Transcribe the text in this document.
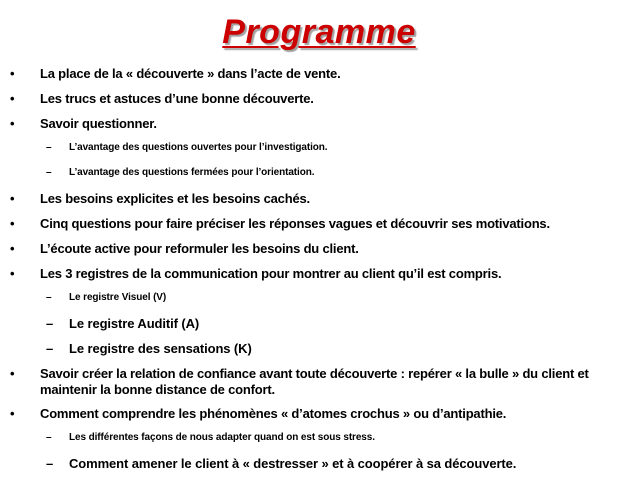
Programme
• La place de la « découverte » dans l’acte de vente.
• Les trucs et astuces d’une bonne découverte.
• Savoir questionner.
– L’avantage des questions ouvertes pour l’investigation.
– L’avantage des questions fermées pour l’orientation.
• Les besoins explicites et les besoins cachés.
• Cinq questions pour faire préciser les réponses vagues et découvrir ses motivations.
• L’écoute active pour reformuler les besoins du client.
• Les 3 registres de la communication pour montrer au client qu’il est compris.
– Le registre Visuel (V)
– Le registre Auditif (A)
– Le registre des sensations (K)
• Savoir créer la relation de confiance avant toute découverte : repérer « la bulle » du client et maintenir la bonne distance de confort.
• Comment comprendre les phénomènes « d’atomes crochus » ou d’antipathie.
– Les différentes façons de nous adapter quand on est sous stress.
– Comment amener le client à « destresser » et à coopérer à sa découverte.
